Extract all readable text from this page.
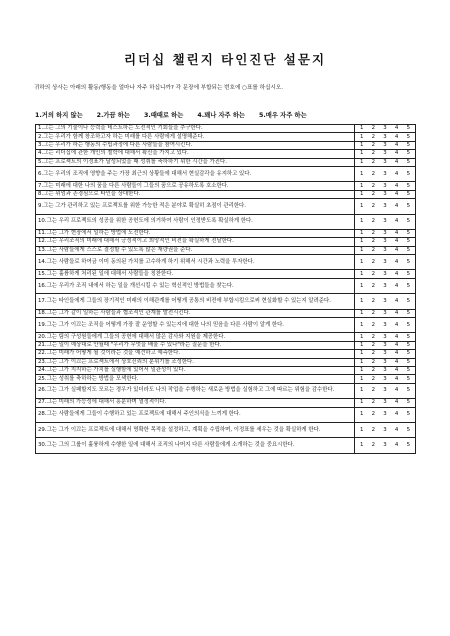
리더십 챌린지 타인진단 설문지
귀하의 상사는 아래의 활동/행동을 얼마나 자주 하십니까? 각 문장에 부합되는 번호에 ○표를 하십시오.
1.거의 하지 않는 2.가끔 하는 3.때때로 하는 4.꽤나 자주 하는 5.매우 자주 하는
1.그는 그의 기술이나 능력을 테스트하는 도전적인 기회들을 추구한다.	1 2 3 4 5

2.그는 우리가 함께 창조하고자 하는 미래를 다른 사람에게 설명해준다.	1 2 3 4 5

3.그는 우리가 하는 행동의 수립과정에 다른 사람들을 참여시킨다.	1 2 3 4 5

4.그는 리더십에 관한 개인의 철학에 대해서 확신을 가지고 있다.	1 2 3 4 5

5.그는 프로젝트의 이정표가 달성되었을 때 성취를 축하하기 위한 시간을 가진다.	1 2 3 4 5

6.그는 우리의 조직에 영향을 주는 가장 최근의 상황들에 대해서 현실감각을 유지하고 있다.	1 2 3 4 5

7.그는 미래에 대한 나의 꿈을 다른 사람들이 그들의 꿈으로 공유하도록 호소한다.	1 2 3 4 5

8.그는 위엄과 존경심으로 타인을 상대한다.	1 2 3 4 5

9.그는 그가 관리하고 있는 프로젝트를 위한 가능한 적은 분야로 확실히 초점이 관리한다.	1 2 3 4 5

10.그는 우리 프로젝트의 성공을 위한 공헌도에 의거하여 사람이 인정받도록 확실하게 한다.	1 2 3 4 5

11.그는 그가 현장에서 일하는 방법에 도전한다.	1 2 3 4 5

12.그는 우리조직의 미래에 대해서 긍정적이고 희망적인 비전을 확실하게 전달한다.	1 2 3 4 5

13.그는 사람들에게 스스로 결정할 수 있도록 많은 재량권을 준다.	1 2 3 4 5

14.그는 사람들로 하여금 이미 동의된 가치를 고수하게 하기 위해서 시간과 노력을 투자한다.	1 2 3 4 5

15.그는 훌륭하게 처리된 일에 대해서 사람들을 칭찬한다.	1 2 3 4 5

16.그는 우리가 조직 내에서 하는 일을 개선시킬 수 있는 혁신적인 방법들을 찾는다.	1 2 3 4 5

17.그는 타인들에게 그들의 장기적인 미래의 이해관계를 어떻게 공통의 비전에 부합시킴으로써 현실화할 수 있는지 알려준다.	1 2 3 4 5

18.그는 그가 같이 일하는 사람들과 협조적인 관계를 발전시킨다.	1 2 3 4 5

19.그는 그가 이끄는 조직을 어떻게 가장 잘 운영할 수 있는지에 대한 나의 믿음을 다른 사람이 알게 한다.	1 2 3 4 5

20.그는 팀의 구성원들에게 그들의 공헌에 대해서 많은 감사와 지원을 제공한다.	1 2 3 4 5

21.그는 일이 예상대로 안될때 "우리가 무엇을 배울 수 있나"라는 질문을 한다.	1 2 3 4 5

22.그는 미래가 어떻게 될 것이라는 것을 예견하고 예측한다.	1 2 3 4 5

23.그는 그가 이끄는 프로젝트에서 상호신뢰의 분위기를 조성한다.	1 2 3 4 5

24.그는 그가 지지하는 가치를 실행함에 있어서 일관성이 있다.	1 2 3 4 5

25.그는 성취를 축하하는 방법을 모색한다.	1 2 3 4 5

26.그는 그가 실패할지도 모르는 경우가 있더라도 나의 작업을 수행하는 새로운 방법을 실험하고 그에 따르는 위험을 감수한다.	1 2 3 4 5

27.그는 미래의 가능성에 대해서 흥분하며 열정적이다.	1 2 3 4 5

28.그는 사람들에게 그들이 수행하고 있는 프로젝트에 대해서 주인의식을 느끼게 한다.	1 2 3 4 5

29.그는 그가 이끄는 프로젝트에 대해서 명확한 목적을 설정하고, 계획을 수립하며, 이정표를 세우는 것을 확실하게 한다.	1 2 3 4 5

30.그는 그의 그룹이 훌륭하게 수행한 일에 대해서 조직의 나머지 다른 사람들에게 소개하는 것을 중요시한다.	1 2 3 4 5
